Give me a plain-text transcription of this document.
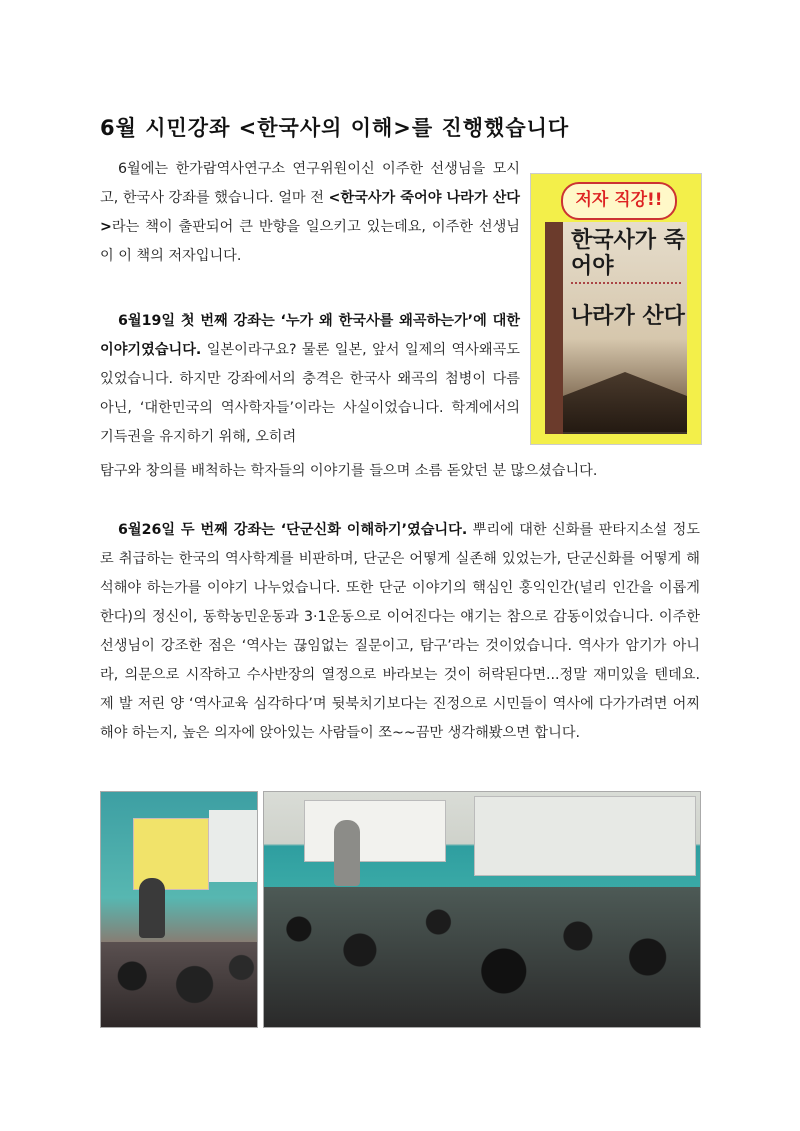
6월 시민강좌 <한국사의 이해>를 진행했습니다
6월에는 한가람역사연구소 연구위원이신 이주한 선생님을 모시고, 한국사 강좌를 했습니다. 얼마 전 <한국사가 죽어야 나라가 산다>라는 책이 출판되어 큰 반향을 일으키고 있는데요, 이주한 선생님이 이 책의 저자입니다.
6월19일 첫 번째 강좌는 ‘누가 왜 한국사를 왜곡하는가’에 대한 이야기였습니다. 일본이라구요? 물론 일본, 앞서 일제의 역사왜곡도 있었습니다. 하지만 강좌에서의 충격은 한국사 왜곡의 첨병이 다름 아닌, ‘대한민국의 역사학자들’이라는 사실이었습니다. 학계에서의 기득권을 유지하기 위해, 오히려
탐구와 창의를 배척하는 학자들의 이야기를 들으며 소름 돋았던 분 많으셨습니다.
6월26일 두 번째 강좌는 ‘단군신화 이해하기’였습니다. 뿌리에 대한 신화를 판타지소설 정도로 취급하는 한국의 역사학계를 비판하며, 단군은 어떻게 실존해 있었는가, 단군신화를 어떻게 해석해야 하는가를 이야기 나누었습니다. 또한 단군 이야기의 핵심인 홍익인간(널리 인간을 이롭게 한다)의 정신이, 동학농민운동과 3·1운동으로 이어진다는 얘기는 참으로 감동이었습니다. 이주한 선생님이 강조한 점은 ‘역사는 끊임없는 질문이고, 탐구’라는 것이었습니다. 역사가 암기가 아니라, 의문으로 시작하고 수사반장의 열정으로 바라보는 것이 허락된다면...정말 재미있을 텐데요. 제 발 저린 양 ‘역사교육 심각하다’며 뒷북치기보다는 진정으로 시민들이 역사에 다가가려면 어찌해야 하는지, 높은 의자에 앉아있는 사람들이 쪼~~끔만 생각해봤으면 합니다.
저자 직강!!
한국사가 죽어야
나라가 산다
